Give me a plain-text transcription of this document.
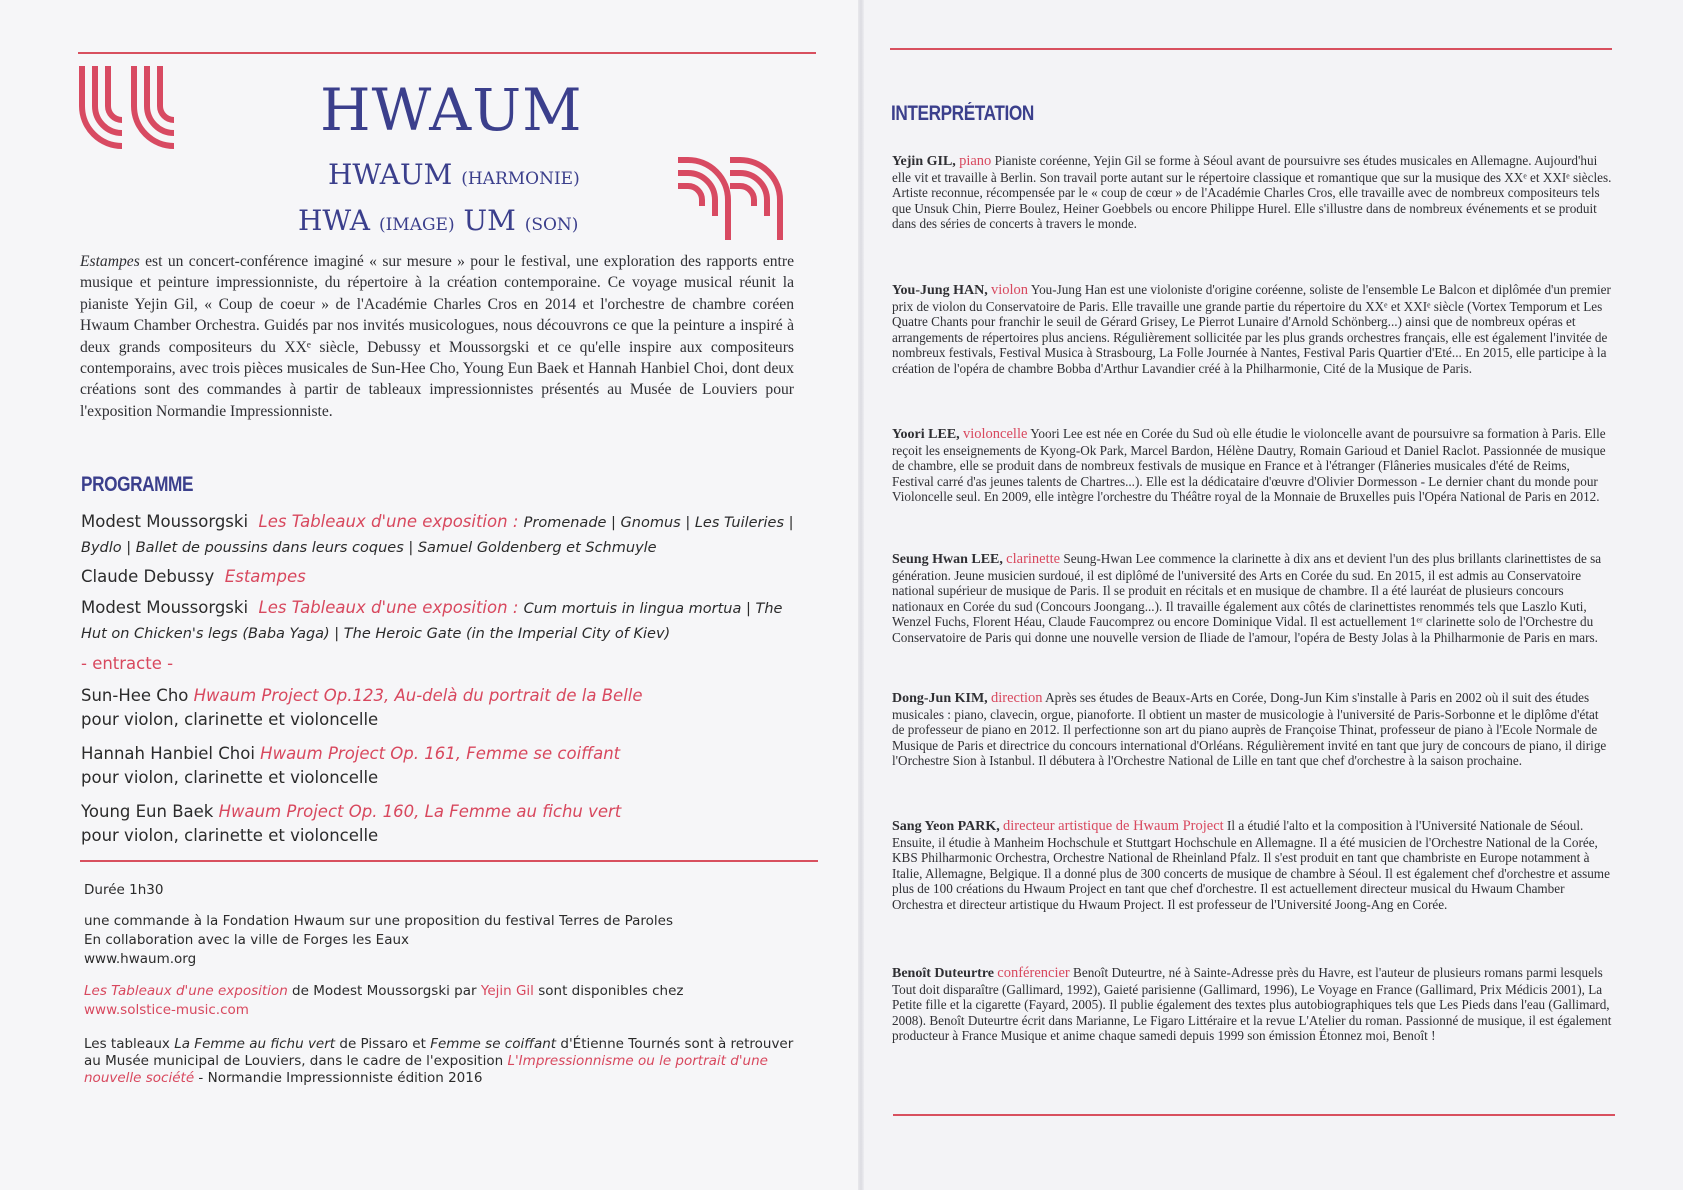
HWAUM
HWAUM (HARMONIE)
HWA (IMAGE) UM (SON)
Estampes est un concert-conférence imaginé « sur mesure » pour le festival, une exploration des rapports entre musique et peinture impressionniste, du répertoire à la création contemporaine. Ce voyage musical réunit la pianiste Yejin Gil, « Coup de coeur » de l'Académie Charles Cros en 2014 et l'orchestre de chambre coréen Hwaum Chamber Orchestra. Guidés par nos invités musicologues, nous découvrons ce que la peinture a inspiré à deux grands compositeurs du XXᵉ siècle, Debussy et Moussorgski et ce qu'elle inspire aux compositeurs contemporains, avec trois pièces musicales de Sun-Hee Cho, Young Eun Baek et Hannah Hanbiel Choi, dont deux créations sont des commandes à partir de tableaux impressionnistes présentés au Musée de Louviers pour l'exposition Normandie Impressionniste.
PROGRAMME
Modest Moussorgski Les Tableaux d'une exposition : Promenade | Gnomus | Les Tuileries | Bydlo | Ballet de poussins dans leurs coques | Samuel Goldenberg et Schmuyle
Claude Debussy Estampes
Modest Moussorgski Les Tableaux d'une exposition : Cum mortuis in lingua mortua | The Hut on Chicken's legs (Baba Yaga) | The Heroic Gate (in the Imperial City of Kiev)
- entracte -
Sun-Hee Cho Hwaum Project Op.123, Au-delà du portrait de la Belle
pour violon, clarinette et violoncelle
Hannah Hanbiel Choi Hwaum Project Op. 161, Femme se coiffant
pour violon, clarinette et violoncelle
Young Eun Baek Hwaum Project Op. 160, La Femme au fichu vert
pour violon, clarinette et violoncelle
Durée 1h30
une commande à la Fondation Hwaum sur une proposition du festival Terres de Paroles
En collaboration avec la ville de Forges les Eaux
www.hwaum.org
Les Tableaux d'une exposition de Modest Moussorgski par Yejin Gil sont disponibles chez
www.solstice-music.com
Les tableaux La Femme au fichu vert de Pissaro et Femme se coiffant d'Étienne Tournés sont à retrouver au Musée municipal de Louviers, dans le cadre de l'exposition L'Impressionnisme ou le portrait d'une nouvelle société - Normandie Impressionniste édition 2016
INTERPRÉTATION
Yejin GIL, piano Pianiste coréenne, Yejin Gil se forme à Séoul avant de poursuivre ses études musicales en Allemagne. Aujourd'hui elle vit et travaille à Berlin. Son travail porte autant sur le répertoire classique et romantique que sur la musique des XXᵉ et XXIᵉ siècles. Artiste reconnue, récompensée par le « coup de cœur » de l'Académie Charles Cros, elle travaille avec de nombreux compositeurs tels que Unsuk Chin, Pierre Boulez, Heiner Goebbels ou encore Philippe Hurel. Elle s'illustre dans de nombreux événements et se produit dans des séries de concerts à travers le monde.
You-Jung HAN, violon You-Jung Han est une violoniste d'origine coréenne, soliste de l'ensemble Le Balcon et diplômée d'un premier prix de violon du Conservatoire de Paris. Elle travaille une grande partie du répertoire du XXᵉ et XXIᵉ siècle (Vortex Temporum et Les Quatre Chants pour franchir le seuil de Gérard Grisey, Le Pierrot Lunaire d'Arnold Schönberg...) ainsi que de nombreux opéras et arrangements de répertoires plus anciens. Régulièrement sollicitée par les plus grands orchestres français, elle est également l'invitée de nombreux festivals, Festival Musica à Strasbourg, La Folle Journée à Nantes, Festival Paris Quartier d'Eté... En 2015, elle participe à la création de l'opéra de chambre Bobba d'Arthur Lavandier créé à la Philharmonie, Cité de la Musique de Paris.
Yoori LEE, violoncelle Yoori Lee est née en Corée du Sud où elle étudie le violoncelle avant de poursuivre sa formation à Paris. Elle reçoit les enseignements de Kyong-Ok Park, Marcel Bardon, Hélène Dautry, Romain Garioud et Daniel Raclot. Passionnée de musique de chambre, elle se produit dans de nombreux festivals de musique en France et à l'étranger (Flâneries musicales d'été de Reims, Festival carré d'as jeunes talents de Chartres...). Elle est la dédicataire d'œuvre d'Olivier Dormesson - Le dernier chant du monde pour Violoncelle seul. En 2009, elle intègre l'orchestre du Théâtre royal de la Monnaie de Bruxelles puis l'Opéra National de Paris en 2012.
Seung Hwan LEE, clarinette Seung-Hwan Lee commence la clarinette à dix ans et devient l'un des plus brillants clarinettistes de sa génération. Jeune musicien surdoué, il est diplômé de l'université des Arts en Corée du sud. En 2015, il est admis au Conservatoire national supérieur de musique de Paris. Il se produit en récitals et en musique de chambre. Il a été lauréat de plusieurs concours nationaux en Corée du sud (Concours Joongang...). Il travaille également aux côtés de clarinettistes renommés tels que Laszlo Kuti, Wenzel Fuchs, Florent Héau, Claude Faucomprez ou encore Dominique Vidal. Il est actuellement 1ᵉʳ clarinette solo de l'Orchestre du Conservatoire de Paris qui donne une nouvelle version de Iliade de l'amour, l'opéra de Besty Jolas à la Philharmonie de Paris en mars.
Dong-Jun KIM, direction Après ses études de Beaux-Arts en Corée, Dong-Jun Kim s'installe à Paris en 2002 où il suit des études musicales : piano, clavecin, orgue, pianoforte. Il obtient un master de musicologie à l'université de Paris-Sorbonne et le diplôme d'état de professeur de piano en 2012. Il perfectionne son art du piano auprès de Françoise Thinat, professeur de piano à l'Ecole Normale de Musique de Paris et directrice du concours international d'Orléans. Régulièrement invité en tant que jury de concours de piano, il dirige l'Orchestre Sion à Istanbul. Il débutera à l'Orchestre National de Lille en tant que chef d'orchestre à la saison prochaine.
Sang Yeon PARK, directeur artistique de Hwaum Project Il a étudié l'alto et la composition à l'Université Nationale de Séoul. Ensuite, il étudie à Manheim Hochschule et Stuttgart Hochschule en Allemagne. Il a été musicien de l'Orchestre National de la Corée, KBS Philharmonic Orchestra, Orchestre National de Rheinland Pfalz. Il s'est produit en tant que chambriste en Europe notamment à Italie, Allemagne, Belgique. Il a donné plus de 300 concerts de musique de chambre à Séoul. Il est également chef d'orchestre et assume plus de 100 créations du Hwaum Project en tant que chef d'orchestre. Il est actuellement directeur musical du Hwaum Chamber Orchestra et directeur artistique du Hwaum Project. Il est professeur de l'Université Joong-Ang en Corée.
Benoît Duteurtre conférencier Benoît Duteurtre, né à Sainte-Adresse près du Havre, est l'auteur de plusieurs romans parmi lesquels Tout doit disparaître (Gallimard, 1992), Gaieté parisienne (Gallimard, 1996), Le Voyage en France (Gallimard, Prix Médicis 2001), La Petite fille et la cigarette (Fayard, 2005). Il publie également des textes plus autobiographiques tels que Les Pieds dans l'eau (Gallimard, 2008). Benoît Duteurtre écrit dans Marianne, Le Figaro Littéraire et la revue L'Atelier du roman. Passionné de musique, il est également producteur à France Musique et anime chaque samedi depuis 1999 son émission Étonnez moi, Benoît !
